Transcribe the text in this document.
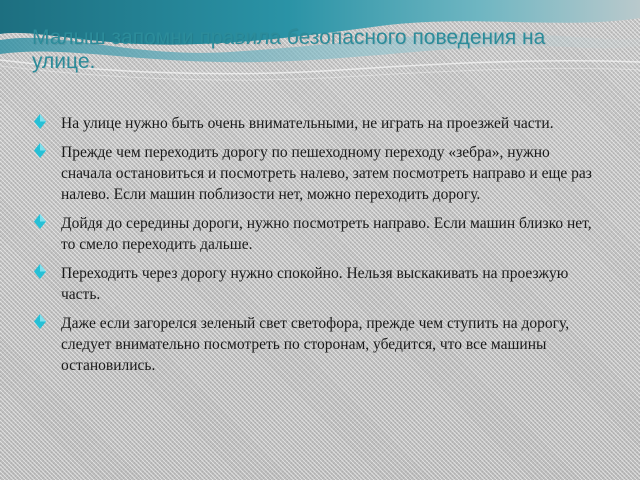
Малыш запомни правила безопасного поведения на улице.
На улице нужно быть очень внимательными, не играть на проезжей части.
Прежде чем переходить дорогу по пешеходному переходу «зебра», нужно сначала остановиться и посмотреть налево, затем посмотреть направо и еще раз налево. Если машин поблизости нет, можно переходить дорогу.
Дойдя до середины дороги, нужно посмотреть направо. Если машин близко нет, то смело переходить дальше.
Переходить через дорогу нужно спокойно. Нельзя выскакивать на проезжую часть.
Даже если загорелся зеленый свет светофора, прежде чем ступить на дорогу, следует внимательно посмотреть по сторонам, убедится, что все машины остановились.
